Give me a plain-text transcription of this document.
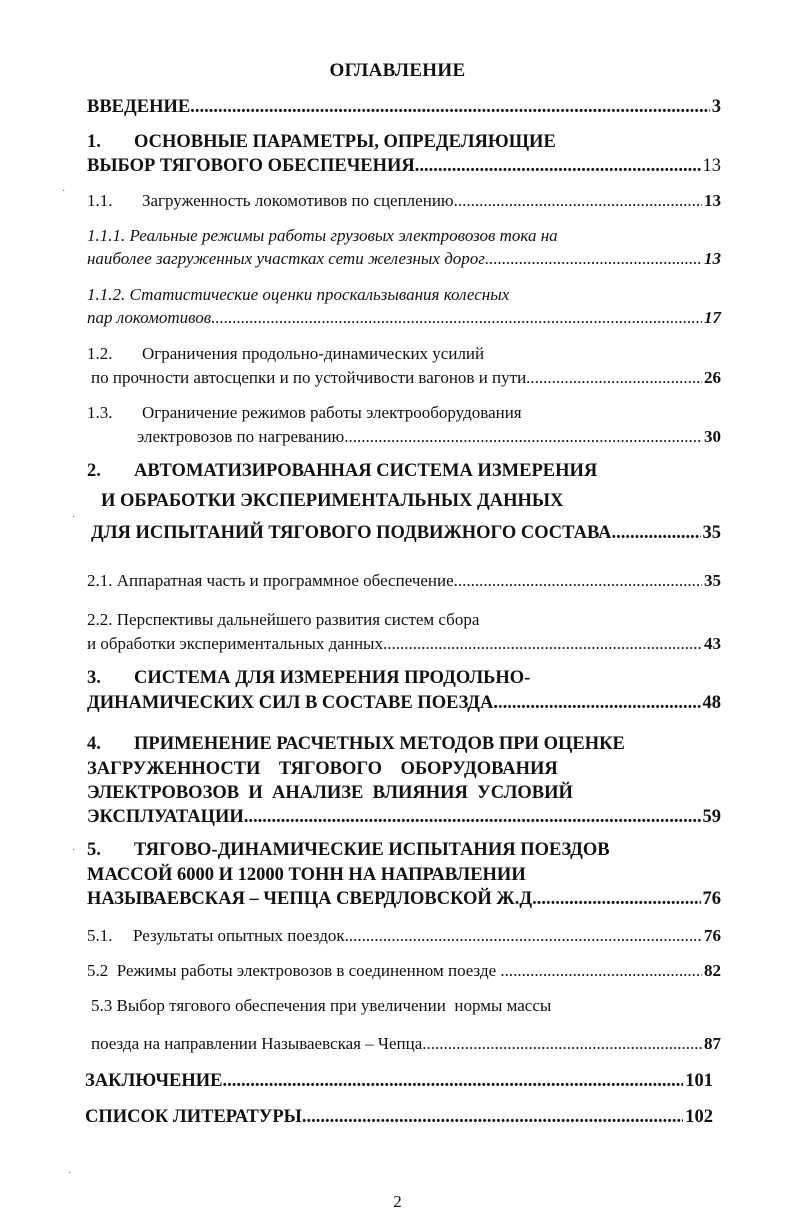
ОГЛАВЛЕНИЕ
ВВЕДЕНИЕ .....	3
1. ОСНОВНЫЕ ПАРАМЕТРЫ, ОПРЕДЕЛЯЮЩИЕ
ВЫБОР ТЯГОВОГО ОБЕСПЕЧЕНИЯ .....	13
1.1.	Загруженность локомотивов по сцеплению .....	13
1.1.1. Реальные режимы работы грузовых электровозов тока на
наиболее загруженных участках сети железных дорог .....	13
1.1.2. Статистические оценки проскальзывания колесных
пар локомотивов .....	17
1.2. Ограничения продольно-динамических усилий
по прочности автосцепки и по устойчивости вагонов и пути .....	26
1.3. Ограничение режимов работы электрооборудования
электровозов по нагреванию .....	30
2. АВТОМАТИЗИРОВАННАЯ СИСТЕМА ИЗМЕРЕНИЯ
И ОБРАБОТКИ ЭКСПЕРИМЕНТАЛЬНЫХ ДАННЫХ
ДЛЯ ИСПЫТАНИЙ ТЯГОВОГО ПОДВИЖНОГО СОСТАВА .....	35
2.1. Аппаратная часть и программное обеспечение .....	35
2.2. Перспективы дальнейшего развития систем сбора
и обработки экспериментальных данных .....	43
3. СИСТЕМА ДЛЯ ИЗМЕРЕНИЯ ПРОДОЛЬНО-
ДИНАМИЧЕСКИХ СИЛ В СОСТАВЕ ПОЕЗДА .....	48
4. ПРИМЕНЕНИЕ РАСЧЕТНЫХ МЕТОДОВ ПРИ ОЦЕНКЕ
ЗАГРУЖЕННОСТИ    ТЯГОВОГО    ОБОРУДОВАНИЯ
ЭЛЕКТРОВОЗОВ  И  АНАЛИЗЕ  ВЛИЯНИЯ  УСЛОВИЙ
ЭКСПЛУАТАЦИИ .....	59
5. ТЯГОВО-ДИНАМИЧЕСКИЕ ИСПЫТАНИЯ ПОЕЗДОВ
МАССОЙ 6000 И 12000 ТОНН НА НАПРАВЛЕНИИ
НАЗЫВАЕВСКАЯ – ЧЕПЦА СВЕРДЛОВСКОЙ Ж.Д .....	76
5.1.	Результаты опытных поездок .....	76
5.2  Режимы работы электровозов в соединенном поезде .....	82
5.3 Выбор тягового обеспечения при увеличении  нормы массы
поезда на направлении Называевская – Чепца .....	87
ЗАКЛЮЧЕНИЕ .....	101
СПИСОК ЛИТЕРАТУРЫ .....	102
·
·
·
·
2
